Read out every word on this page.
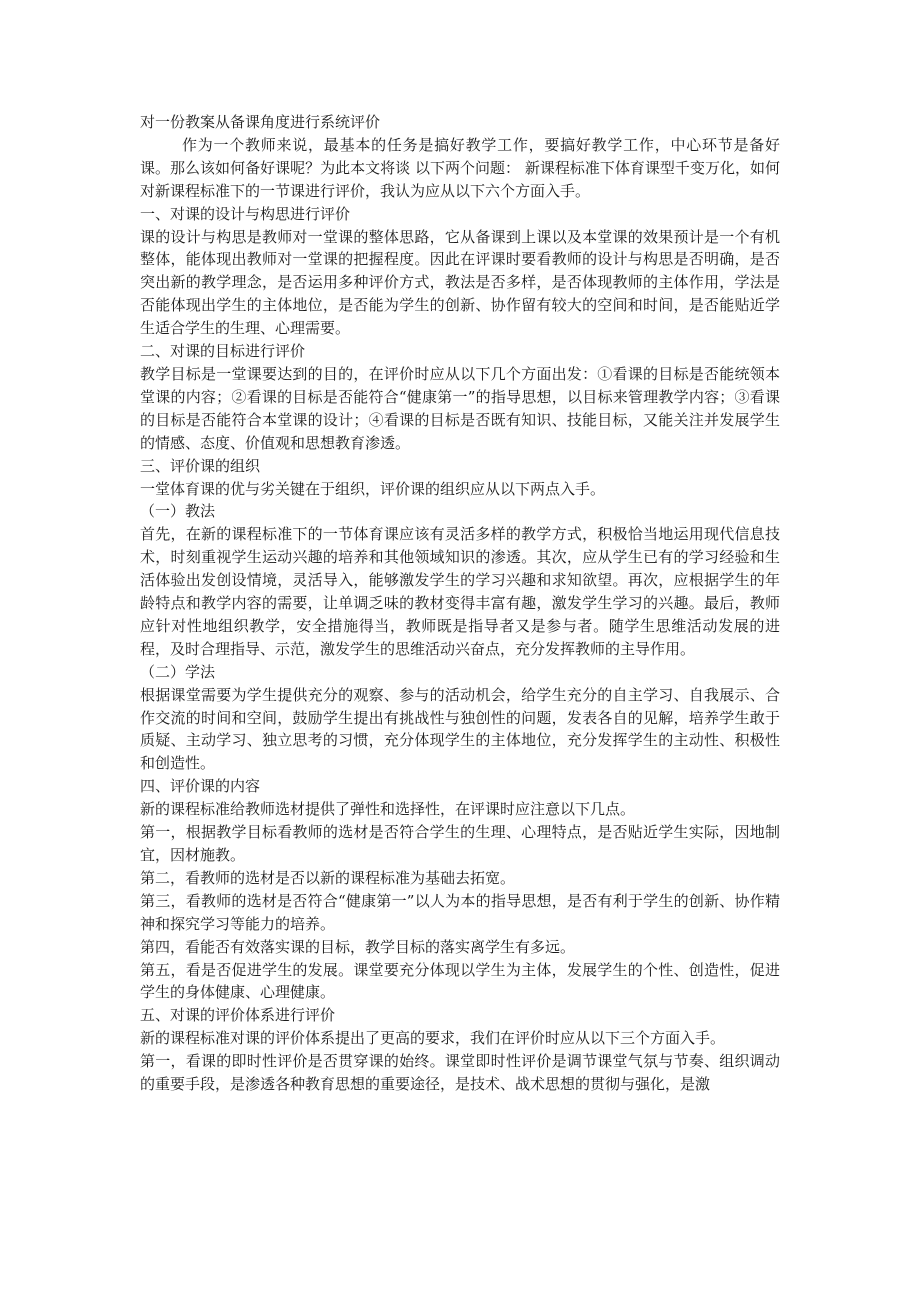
对一份教案从备课角度进行系统评价

作为一个教师来说，最基本的任务是搞好教学工作，要搞好教学工作，中心环节是备好课。那么该如何备好课呢？为此本文将谈 以下两个问题： 新课程标准下体育课型千变万化，如何对新课程标准下的一节课进行评价，我认为应从以下六个方面入手。

一、对课的设计与构思进行评价

课的设计与构思是教师对一堂课的整体思路，它从备课到上课以及本堂课的效果预计是一个有机整体，能体现出教师对一堂课的把握程度。因此在评课时要看教师的设计与构思是否明确，是否突出新的教学理念，是否运用多种评价方式，教法是否多样，是否体现教师的主体作用，学法是否能体现出学生的主体地位，是否能为学生的创新、协作留有较大的空间和时间，是否能贴近学生适合学生的生理、心理需要。

二、对课的目标进行评价

教学目标是一堂课要达到的目的，在评价时应从以下几个方面出发：①看课的目标是否能统领本堂课的内容；②看课的目标是否能符合“健康第一”的指导思想，以目标来管理教学内容；③看课的目标是否能符合本堂课的设计；④看课的目标是否既有知识、技能目标，又能关注并发展学生的情感、态度、价值观和思想教育渗透。

三、评价课的组织

一堂体育课的优与劣关键在于组织，评价课的组织应从以下两点入手。

（一）教法

首先，在新的课程标准下的一节体育课应该有灵活多样的教学方式，积极恰当地运用现代信息技术，时刻重视学生运动兴趣的培养和其他领域知识的渗透。其次，应从学生已有的学习经验和生活体验出发创设情境，灵活导入，能够激发学生的学习兴趣和求知欲望。再次，应根据学生的年龄特点和教学内容的需要，让单调乏味的教材变得丰富有趣，激发学生学习的兴趣。最后，教师应针对性地组织教学，安全措施得当，教师既是指导者又是参与者。随学生思维活动发展的进程，及时合理指导、示范，激发学生的思维活动兴奋点，充分发挥教师的主导作用。

（二）学法

根据课堂需要为学生提供充分的观察、参与的活动机会，给学生充分的自主学习、自我展示、合作交流的时间和空间，鼓励学生提出有挑战性与独创性的问题，发表各自的见解，培养学生敢于质疑、主动学习、独立思考的习惯，充分体现学生的主体地位，充分发挥学生的主动性、积极性和创造性。

四、评价课的内容

新的课程标准给教师选材提供了弹性和选择性，在评课时应注意以下几点。

第一，根据教学目标看教师的选材是否符合学生的生理、心理特点，是否贴近学生实际，因地制宜，因材施教。

第二，看教师的选材是否以新的课程标准为基础去拓宽。

第三，看教师的选材是否符合“健康第一”以人为本的指导思想，是否有利于学生的创新、协作精神和探究学习等能力的培养。

第四，看能否有效落实课的目标，教学目标的落实离学生有多远。

第五，看是否促进学生的发展。课堂要充分体现以学生为主体，发展学生的个性、创造性，促进学生的身体健康、心理健康。

五、对课的评价体系进行评价

新的课程标准对课的评价体系提出了更高的要求，我们在评价时应从以下三个方面入手。

第一，看课的即时性评价是否贯穿课的始终。课堂即时性评价是调节课堂气氛与节奏、组织调动的重要手段，是渗透各种教育思想的重要途径，是技术、战术思想的贯彻与强化，是激
